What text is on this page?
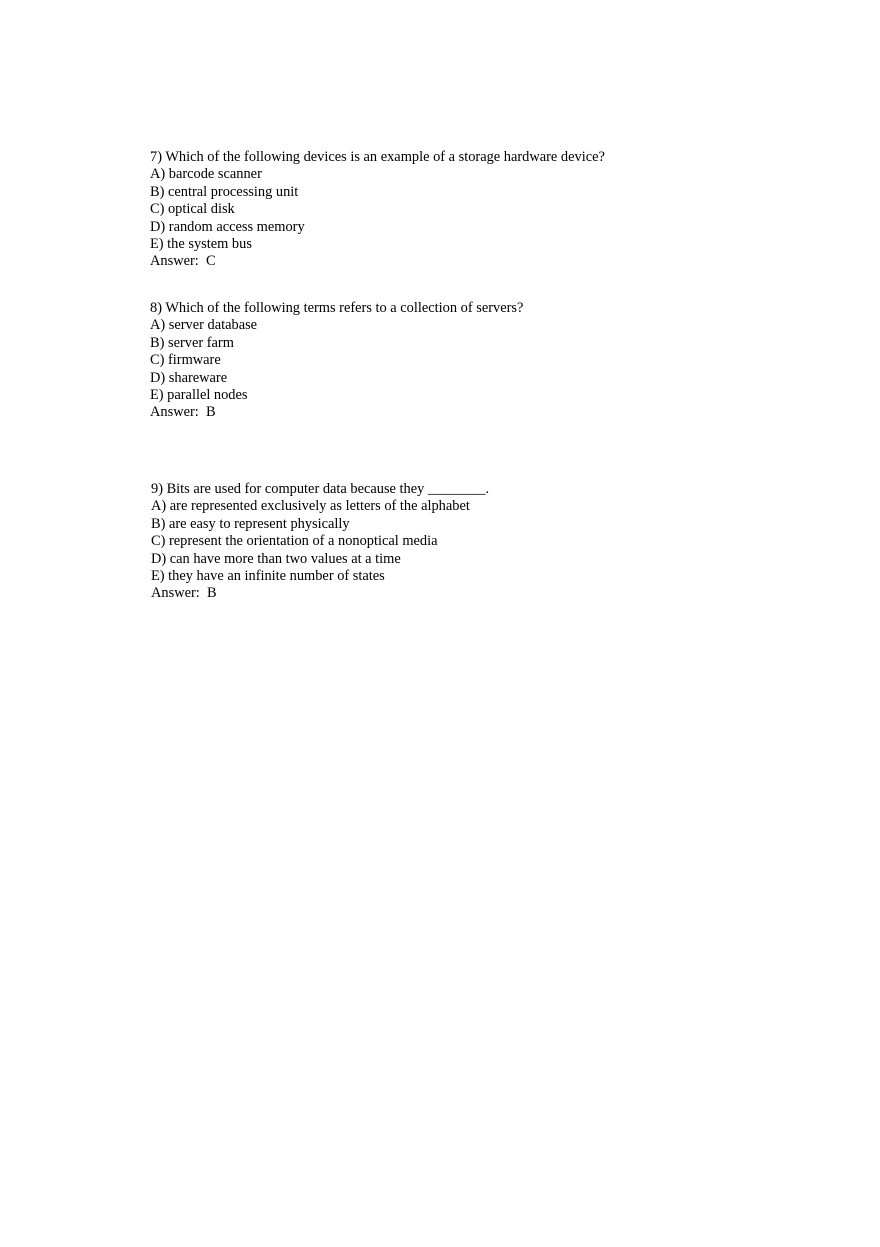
7) Which of the following devices is an example of a storage hardware device?
A) barcode scanner
B) central processing unit
C) optical disk
D) random access memory
E) the system bus
Answer:  C
8) Which of the following terms refers to a collection of servers?
A) server database
B) server farm
C) firmware
D) shareware
E) parallel nodes
Answer:  B
9) Bits are used for computer data because they ________.
A) are represented exclusively as letters of the alphabet
B) are easy to represent physically
C) represent the orientation of a nonoptical media
D) can have more than two values at a time
E) they have an infinite number of states
Answer:  B
